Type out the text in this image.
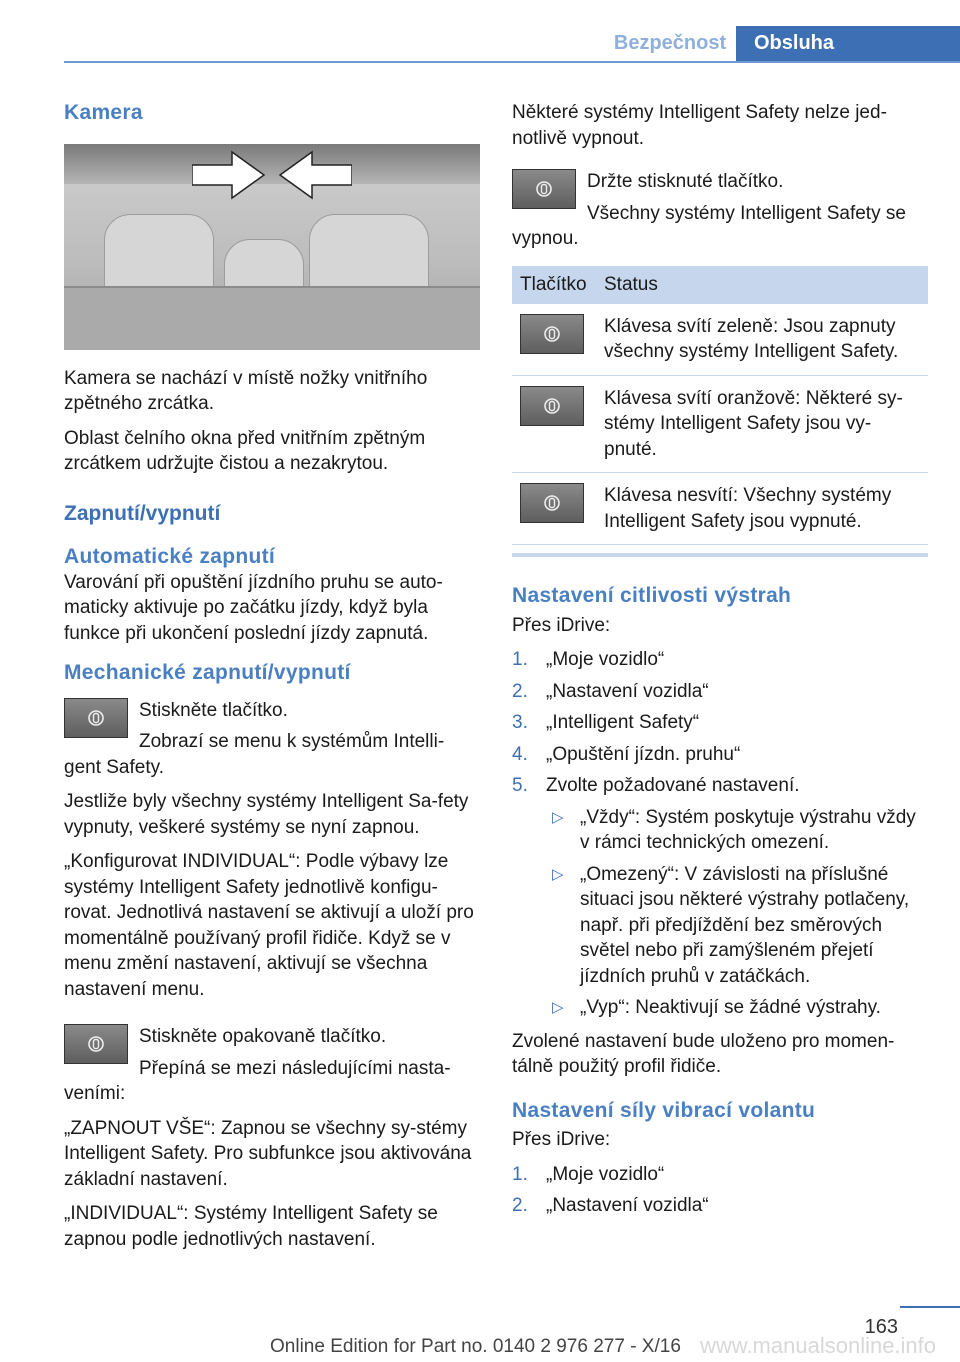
Bezpečnost	Obsluha
Kamera

Kamera se nachází v místě nožky vnitřního zpětného zrcátka.

Oblast čelního okna před vnitřním zpětným zrcátkem udržujte čistou a nezakrytou.

Zapnutí/vypnutí
Automatické zapnutí

Varování při opuštění jízdního pruhu se auto-maticky aktivuje po začátku jízdy, když byla funkce při ukončení poslední jízdy zapnutá.

Mechanické zapnutí/vypnutí

Stiskněte tlačítko.

Zobrazí se menu k systémům Intelli-gent Safety.

Jestliže byly všechny systémy Intelligent Sa-fety vypnuty, veškeré systémy se nyní zapnou.

„Konfigurovat INDIVIDUAL“: Podle výbavy lze systémy Intelligent Safety jednotlivě konfigu-rovat. Jednotlivá nastavení se aktivují a uloží pro momentálně používaný profil řidiče. Když se v menu změní nastavení, aktivují se všechna nastavení menu.

Stiskněte opakovaně tlačítko.

Přepíná se mezi následujícími nasta-veními:

„ZAPNOUT VŠE“: Zapnou se všechny sy-stémy Intelligent Safety. Pro subfunkce jsou aktivována základní nastavení.

„INDIVIDUAL“: Systémy Intelligent Safety se zapnou podle jednotlivých nastavení.

Některé systémy Intelligent Safety nelze jed-notlivě vypnout.

Držte stisknuté tlačítko.

Všechny systémy Intelligent Safety se vypnou.

Tlačítko	Status

	Klávesa svítí zeleně: Jsou zapnuty všechny systémy Intelligent Safety.

	Klávesa svítí oranžově: Některé sy-stémy Intelligent Safety jsou vy-pnuté.

	Klávesa nesvítí: Všechny systémy Intelligent Safety jsou vypnuté.
Nastavení citlivosti výstrah

Přes iDrive:

1. „Moje vozidlo“
2. „Nastavení vozidla“
3. „Intelligent Safety“
4. „Opuštění jízdn. pruhu“
5. Zvolte požadované nastavení.
▷ „Vždy“: Systém poskytuje výstrahu vždy v rámci technických omezení.
▷ „Omezený“: V závislosti na příslušné situaci jsou některé výstrahy potlačeny, např. při předjíždění bez směrových světel nebo při zamýšleném přejetí jízdních pruhů v zatáčkách.
▷ „Vyp“: Neaktivují se žádné výstrahy.

Zvolené nastavení bude uloženo pro momen-tálně použitý profil řidiče.

Nastavení síly vibrací volantu

Přes iDrive:

1. „Moje vozidlo“
2. „Nastavení vozidla“
163
www.manualsonline.info
Online Edition for Part no. 0140 2 976 277 - X/16
